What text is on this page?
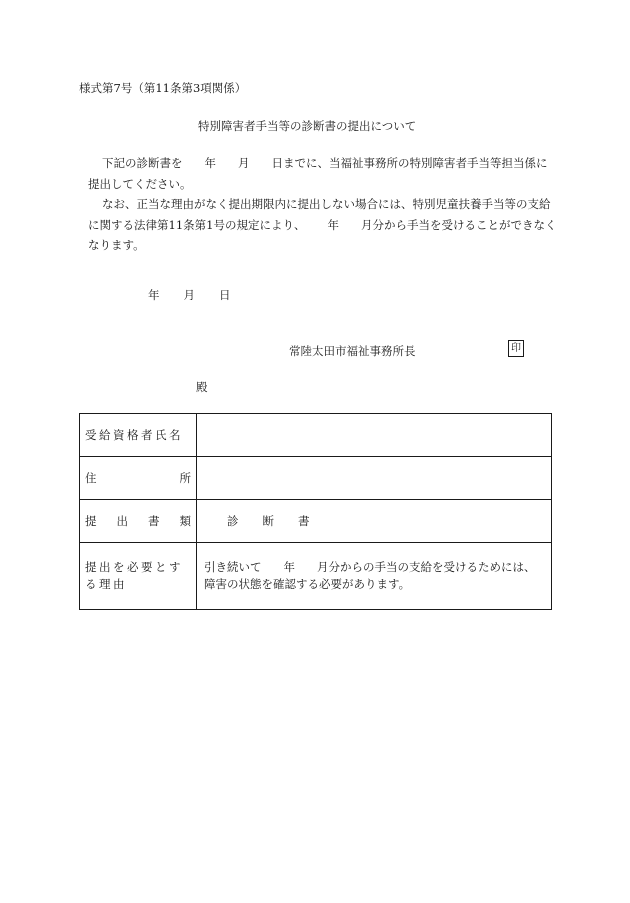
様式第7号（第11条第3項関係）
特別障害者手当等の診断書の提出について
下記の診断書を 年 月 日までに、当福祉事務所の特別障害者手当等担当係に提出してください。
なお、正当な理由がなく提出期限内に提出しない場合には、特別児童扶養手当等の支給に関する法律第11条第1号の規定により、 年 月分から手当を受けることができなくなります。
年 月 日
常陸太田市福祉事務所長	印
殿
受給資格者氏名	

住 所	

提 出 書 類	診 断 書

提出を必要とする理由	引き続いて 年 月分からの手当の支給を受けるためには、障害の状態を確認する必要があります。
